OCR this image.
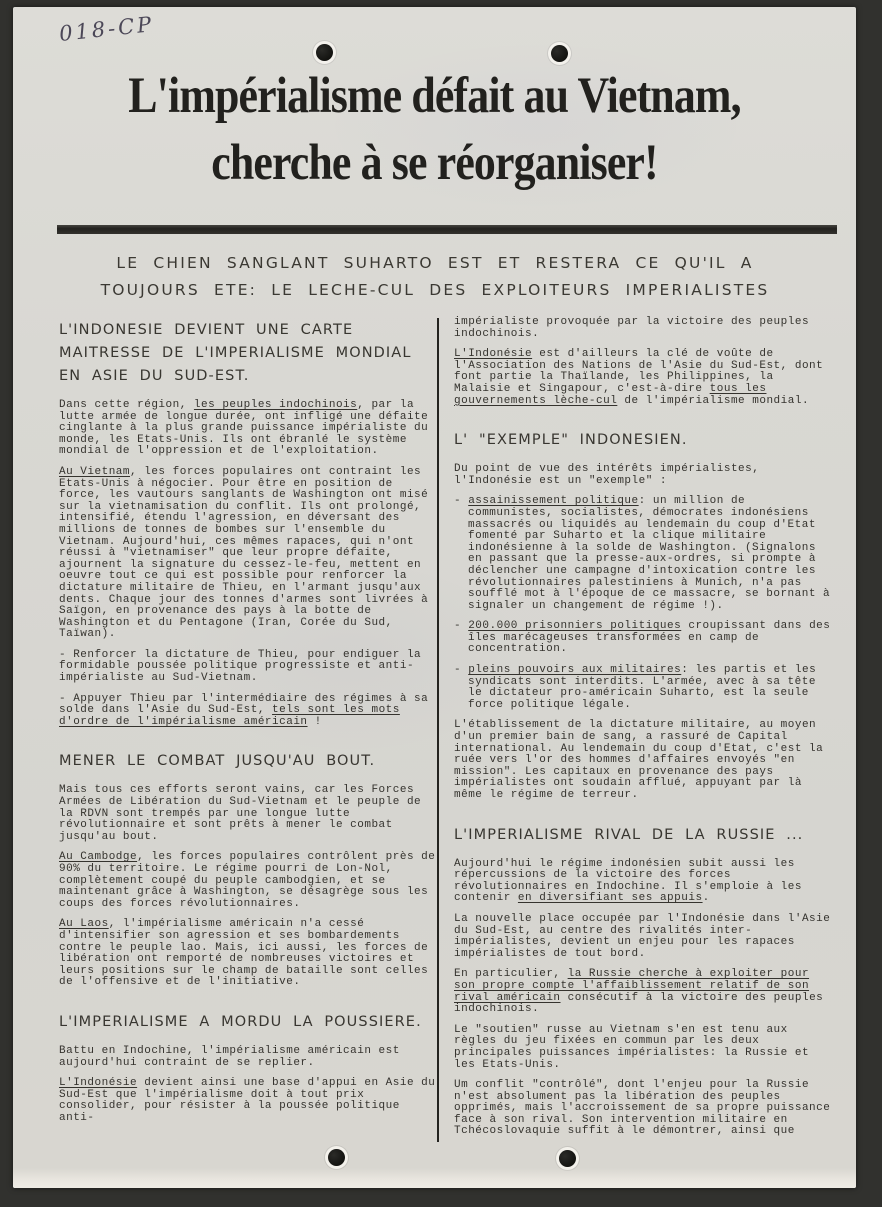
018-CP
L'impérialisme défait au Vietnam,
cherche à se réorganiser!
LE CHIEN SANGLANT SUHARTO EST ET RESTERA CE QU'IL A
TOUJOURS ETE: LE LECHE-CUL DES EXPLOITEURS IMPERIALISTES
L'INDONESIE DEVIENT UNE CARTE MAITRESSE DE L'IMPERIALISME MONDIAL EN ASIE DU SUD-EST.
Dans cette région, les peuples indochinois, par la lutte armée de longue durée, ont infligé une défaite cinglante à la plus grande puissance impérialiste du monde, les Etats-Unis. Ils ont ébranlé le système mondial de l'oppression et de l'exploitation.
Au Vietnam, les forces populaires ont contraint les Etats-Unis à négocier. Pour être en position de force, les vautours sanglants de Washington ont misé sur la vietnamisation du conflit. Ils ont prolongé, intensifié, étendu l'agression, en déversant des millions de tonnes de bombes sur l'ensemble du Vietnam. Aujourd'hui, ces mêmes rapaces, qui n'ont réussi à "vietnamiser" que leur propre défaite, ajournent la signature du cessez-le-feu, mettent en oeuvre tout ce qui est possible pour renforcer la dictature militaire de Thieu, en l'armant jusqu'aux dents. Chaque jour des tonnes d'armes sont livrées à Saïgon, en provenance des pays à la botte de Washington et du Pentagone (Iran, Corée du Sud, Taïwan).
- Renforcer la dictature de Thieu, pour endiguer la formidable poussée politique progressiste et anti-impérialiste au Sud-Vietnam.
- Appuyer Thieu par l'intermédiaire des régimes à sa solde dans l'Asie du Sud-Est, tels sont les mots d'ordre de l'impérialisme américain !
MENER LE COMBAT JUSQU'AU BOUT.
Mais tous ces efforts seront vains, car les Forces Armées de Libération du Sud-Vietnam et le peuple de la RDVN sont trempés par une longue lutte révolutionnaire et sont prêts à mener le combat jusqu'au bout.
Au Cambodge, les forces populaires contrôlent près de 90% du territoire. Le régime pourri de Lon-Nol, complètement coupé du peuple cambodgien, et se maintenant grâce à Washington, se désagrège sous les coups des forces révolutionnaires.
Au Laos, l'impérialisme américain n'a cessé d'intensifier son agression et ses bombardements contre le peuple lao. Mais, ici aussi, les forces de libération ont remporté de nombreuses victoires et leurs positions sur le champ de bataille sont celles de l'offensive et de l'initiative.
L'IMPERIALISME A MORDU LA POUSSIERE.
Battu en Indochine, l'impérialisme américain est aujourd'hui contraint de se replier.
L'Indonésie devient ainsi une base d'appui en Asie du Sud-Est que l'impérialisme doit à tout prix consolider, pour résister à la poussée politique anti-
impérialiste provoquée par la victoire des peuples indochinois.
L'Indonésie est d'ailleurs la clé de voûte de l'Association des Nations de l'Asie du Sud-Est, dont font partie la Thaïlande, les Philippines, la Malaisie et Singapour, c'est-à-dire tous les gouvernements lèche-cul de l'impérialisme mondial.
L' "EXEMPLE" INDONESIEN.
Du point de vue des intérêts impérialistes, l'Indonésie est un "exemple" :
- assainissement politique: un million de communistes, socialistes, démocrates indonésiens massacrés ou liquidés au lendemain du coup d'Etat fomenté par Suharto et la clique militaire indonésienne à la solde de Washington. (Signalons en passant que la presse-aux-ordres, si prompte à déclencher une campagne d'intoxication contre les révolutionnaires palestiniens à Munich, n'a pas soufflé mot à l'époque de ce massacre, se bornant à signaler un changement de régime !).
- 200.000 prisonniers politiques croupissant dans des îles marécageuses transformées en camp de concentration.
- pleins pouvoirs aux militaires: les partis et les syndicats sont interdits. L'armée, avec à sa tête le dictateur pro-américain Suharto, est la seule force politique légale.
L'établissement de la dictature militaire, au moyen d'un premier bain de sang, a rassuré de Capital international. Au lendemain du coup d'Etat, c'est la ruée vers l'or des hommes d'affaires envoyés "en mission". Les capitaux en provenance des pays impérialistes ont soudain afflué, appuyant par là même le régime de terreur.
L'IMPERIALISME RIVAL DE LA RUSSIE ...
Aujourd'hui le régime indonésien subit aussi les répercussions de la victoire des forces révolutionnaires en Indochine. Il s'emploie à les contenir en diversifiant ses appuis.
La nouvelle place occupée par l'Indonésie dans l'Asie du Sud-Est, au centre des rivalités inter-impérialistes, devient un enjeu pour les rapaces impérialistes de tout bord.
En particulier, la Russie cherche à exploiter pour son propre compte l'affaiblissement relatif de son rival américain consécutif à la victoire des peuples indochinois.
Le "soutien" russe au Vietnam s'en est tenu aux règles du jeu fixées en commun par les deux principales puissances impérialistes: la Russie et les Etats-Unis.
Um conflit "contrôlé", dont l'enjeu pour la Russie n'est absolument pas la libération des peuples opprimés, mais l'accroissement de sa propre puissance face à son rival. Son intervention militaire en Tchécoslovaquie suffit à le démontrer, ainsi que
